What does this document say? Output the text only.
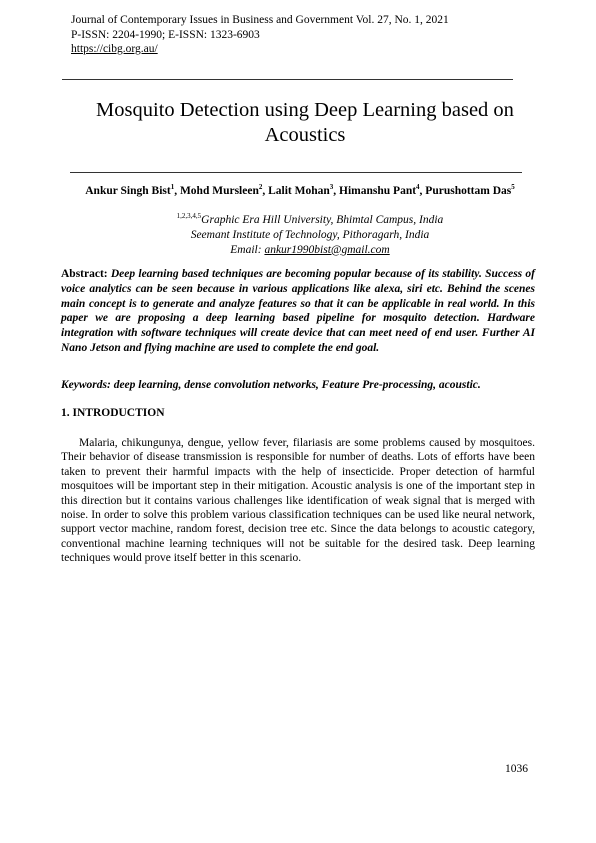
Journal of Contemporary Issues in Business and Government Vol. 27, No. 1, 2021
P-ISSN: 2204-1990; E-ISSN: 1323-6903
https://cibg.org.au/
Mosquito Detection using Deep Learning based on
Acoustics
Ankur Singh Bist$^1$, Mohd Mursleen$^2$, Lalit Mohan$^3$, Himanshu Pant$^4$, Purushottam Das$^5$
$^{1,2,3,4,5}$Graphic Era Hill University, Bhimtal Campus, India
Seemant Institute of Technology, Pithoragarh, India
Email: ankur1990bist@gmail.com
Abstract: Deep learning based techniques are becoming popular because of its stability. Success of voice analytics can be seen because in various applications like alexa, siri etc. Behind the scenes main concept is to generate and analyze features so that it can be applicable in real world. In this paper we are proposing a deep learning based pipeline for mosquito detection. Hardware integration with software techniques will create device that can meet need of end user. Further AI Nano Jetson and flying machine are used to complete the end goal.
Keywords: deep learning, dense convolution networks, Feature Pre-processing, acoustic.
1. INTRODUCTION
Malaria, chikungunya, dengue, yellow fever, filariasis are some problems caused by mosquitoes. Their behavior of disease transmission is responsible for number of deaths. Lots of efforts have been taken to prevent their harmful impacts with the help of insecticide. Proper detection of harmful mosquitoes will be important step in their mitigation. Acoustic analysis is one of the important step in this direction but it contains various challenges like identification of weak signal that is merged with noise. In order to solve this problem various classification techniques can be used like neural network, support vector machine, random forest, decision tree etc. Since the data belongs to acoustic category, conventional machine learning techniques will not be suitable for the desired task. Deep learning techniques would prove itself better in this scenario.
1036
